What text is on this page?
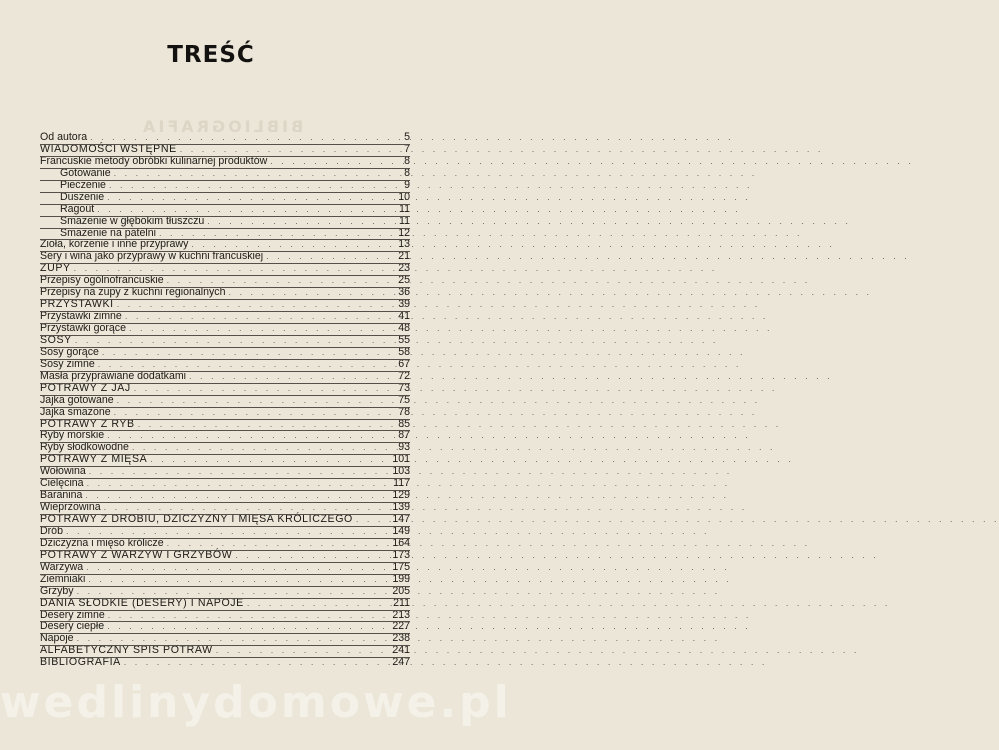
BIBLIOGRAFIA
TREŚĆ
Od autora . . .	5
WIADOMOŚCI WSTĘPNE . . .	7
Francuskie metody obróbki kulinarnej produktów . . .	8
Gotowanie . . .	8
Pieczenie . . .	9
Duszenie . . .	10
Ragoût . . .	11
Smażenie w głębokim tłuszczu . . .	11
Smażenie na patelni . . .	12
Zioła, korzenie i inne przyprawy . . .	13
Sery i wina jako przyprawy w kuchni francuskiej . . .	21
ZUPY . . .	23
Przepisy ogólnofrancuskie . . .	25
Przepisy na zupy z kuchni regionalnych . . .	36
PRZYSTAWKI . . .	39
Przystawki zimne . . .	41
Przystawki gorące . . .	48
SOSY . . .	55
Sosy gorące . . .	58
Sosy zimne . . .	67
Masła przyprawiane dodatkami . . .	72
POTRAWY Z JAJ . . .	73
Jajka gotowane . . .	75
Jajka smażone . . .	78
POTRAWY Z RYB . . .	85
Ryby morskie . . .	87
Ryby słodkowodne . . .	93
POTRAWY Z MIĘSA . . .	101
Wołowina . . .	103
Cielęcina . . .	117
Baranina . . .	129
Wieprzowina . . .	139
POTRAWY Z DROBIU, DZICZYZNY I MIĘSA KRÓLICZEGO . . .	147
Drób . . .	149
Dziczyzna i mięso królicze . . .	164
POTRAWY Z WARZYW I GRZYBÓW . . .	173
Warzywa . . .	175
Ziemniaki . . .	199
Grzyby . . .	205
DANIA SŁODKIE (DESERY) I NAPOJE . . .	211
Desery zimne . . .	213
Desery ciepłe . . .	227
Napoje . . .	238
ALFABETYCZNY SPIS POTRAW . . .	241
BIBLIOGRAFIA . . .	247
wedlinydomowe.pl
